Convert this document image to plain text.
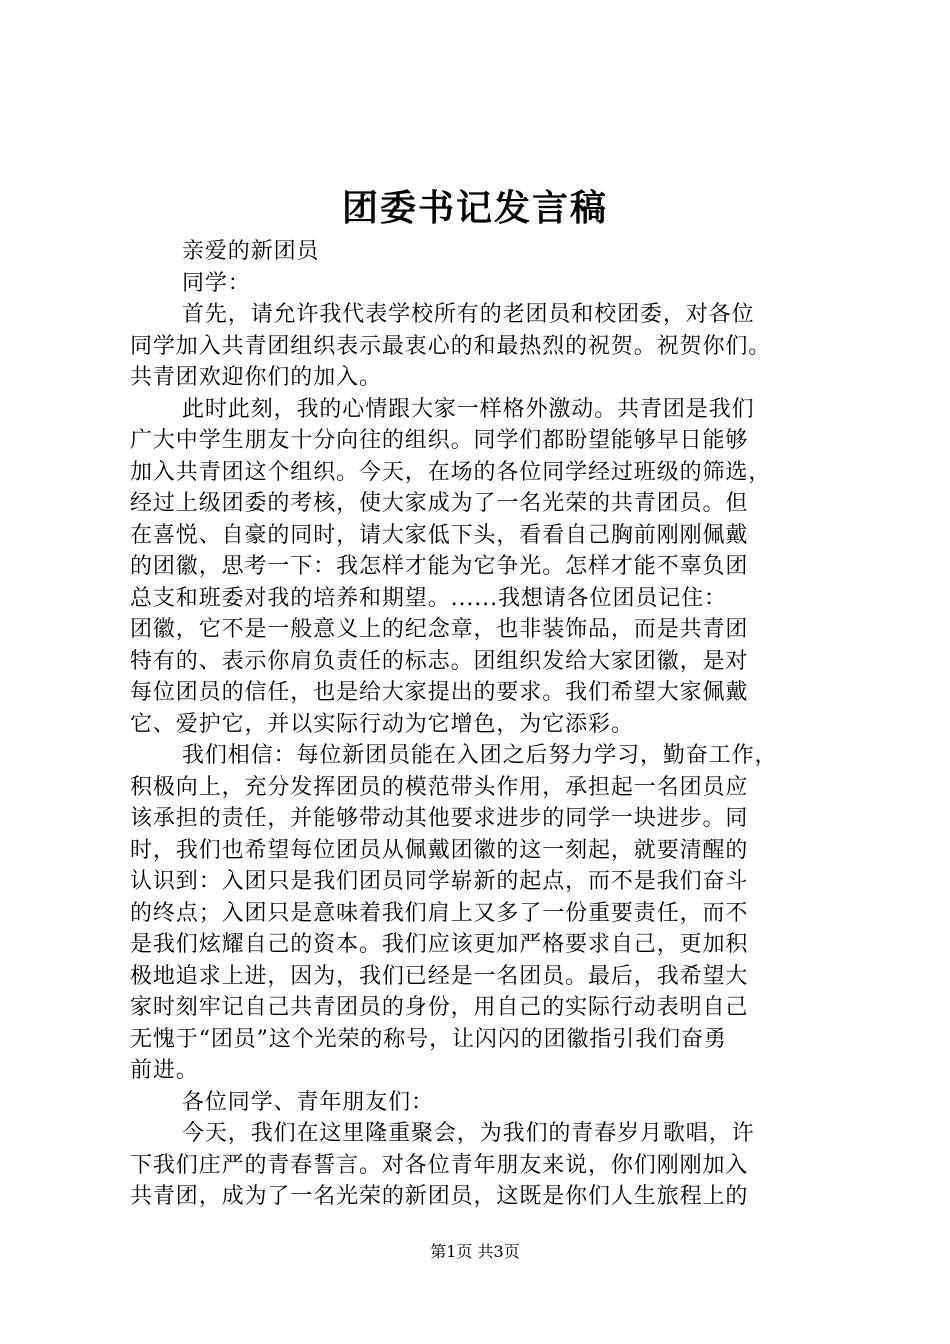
团委书记发言稿
亲爱的新团员
同学：
首先，请允许我代表学校所有的老团员和校团委，对各位
同学加入共青团组织表示最衷心的和最热烈的祝贺。祝贺你们。
共青团欢迎你们的加入。
此时此刻，我的心情跟大家一样格外激动。共青团是我们
广大中学生朋友十分向往的组织。同学们都盼望能够早日能够
加入共青团这个组织。今天，在场的各位同学经过班级的筛选，
经过上级团委的考核，使大家成为了一名光荣的共青团员。但
在喜悦、自豪的同时，请大家低下头，看看自己胸前刚刚佩戴
的团徽，思考一下：我怎样才能为它争光。怎样才能不辜负团
总支和班委对我的培养和期望。......我想请各位团员记住：
团徽，它不是一般意义上的纪念章，也非装饰品，而是共青团
特有的、表示你肩负责任的标志。团组织发给大家团徽，是对
每位团员的信任，也是给大家提出的要求。我们希望大家佩戴
它、爱护它，并以实际行动为它增色，为它添彩。
我们相信：每位新团员能在入团之后努力学习，勤奋工作，
积极向上，充分发挥团员的模范带头作用，承担起一名团员应
该承担的责任，并能够带动其他要求进步的同学一块进步。同
时，我们也希望每位团员从佩戴团徽的这一刻起，就要清醒的
认识到：入团只是我们团员同学崭新的起点，而不是我们奋斗
的终点；入团只是意味着我们肩上又多了一份重要责任，而不
是我们炫耀自己的资本。我们应该更加严格要求自己，更加积
极地追求上进，因为，我们已经是一名团员。最后，我希望大
家时刻牢记自己共青团员的身份，用自己的实际行动表明自己
无愧于“团员”这个光荣的称号，让闪闪的团徽指引我们奋勇
前进。
各位同学、青年朋友们：
今天，我们在这里隆重聚会，为我们的青春岁月歌唱，许
下我们庄严的青春誓言。对各位青年朋友来说，你们刚刚加入
共青团，成为了一名光荣的新团员，这既是你们人生旅程上的
第1页 共3页
